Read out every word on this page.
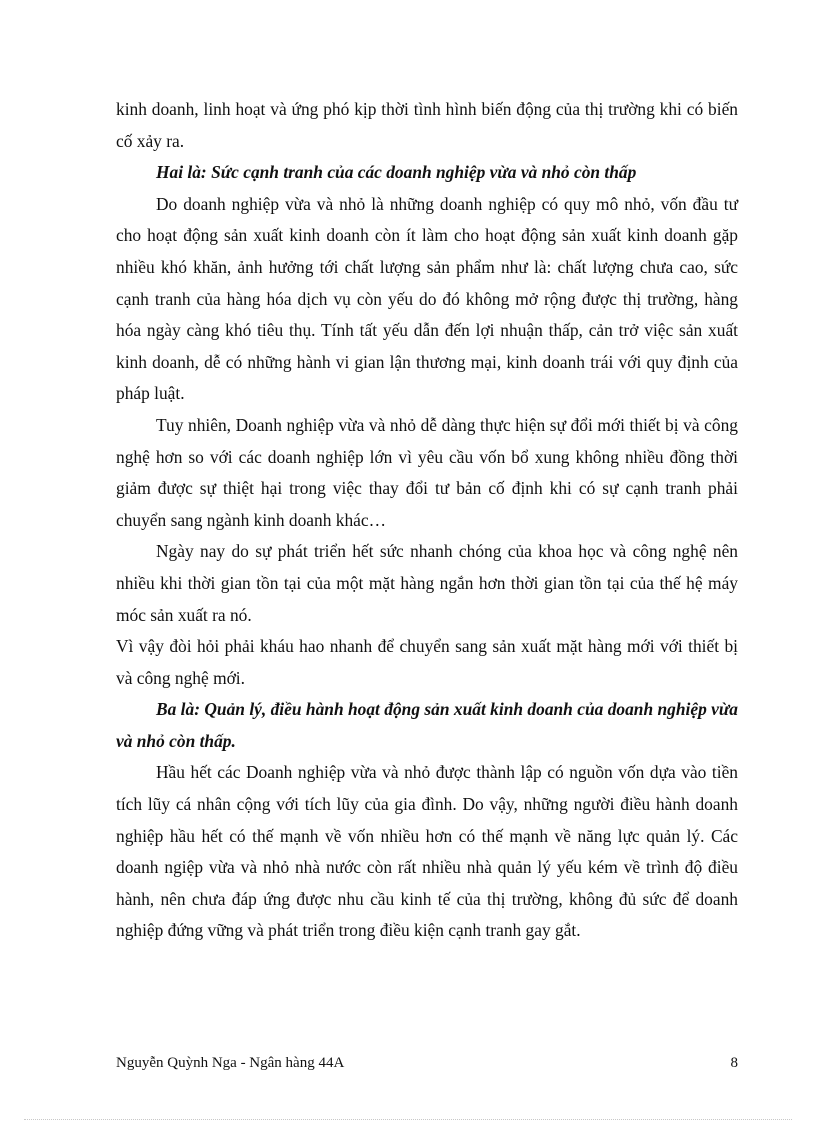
kinh doanh, linh hoạt và ứng phó kịp thời tình hình biến động của thị trường khi có biến cố xảy ra.

Hai là: Sức cạnh tranh của các doanh nghiệp vừa và nhỏ còn thấp

Do doanh nghiệp vừa và nhỏ là những doanh nghiệp có quy mô nhỏ, vốn đầu tư cho hoạt động sản xuất kinh doanh còn ít làm cho hoạt động sản xuất kinh doanh gặp nhiều khó khăn, ảnh hưởng tới chất lượng sản phẩm như là: chất lượng chưa cao, sức cạnh tranh của hàng hóa dịch vụ còn yếu do đó không mở rộng được thị trường, hàng hóa ngày càng khó tiêu thụ. Tính tất yếu dẫn đến lợi nhuận thấp, cản trở việc sản xuất kinh doanh, dễ có những hành vi gian lận thương mại, kinh doanh trái với quy định của pháp luật.

Tuy nhiên, Doanh nghiệp vừa và nhỏ dễ dàng thực hiện sự đổi mới thiết bị và công nghệ hơn so với các doanh nghiệp lớn vì yêu cầu vốn bổ xung không nhiều đồng thời giảm được sự thiệt hại trong việc thay đổi tư bản cố định khi có sự cạnh tranh phải chuyển sang ngành kinh doanh khác…

Ngày nay do sự phát triển hết sức nhanh chóng của khoa học và công nghệ nên nhiều khi thời gian tồn tại của một mặt hàng ngắn hơn thời gian tồn tại của thế hệ máy móc sản xuất ra nó.

Vì vậy đòi hỏi phải kháu hao nhanh để chuyển sang sản xuất mặt hàng mới với thiết bị và công nghệ mới.

Ba là: Quản lý, điều hành hoạt động sản xuất kinh doanh của doanh nghiệp vừa và nhỏ còn thấp.

Hầu hết các Doanh nghiệp vừa và nhỏ được thành lập có nguồn vốn dựa vào tiền tích lũy cá nhân cộng với tích lũy của gia đình. Do vậy, những người điều hành doanh nghiệp hầu hết có thế mạnh về vốn nhiều hơn có thế mạnh về năng lực quản lý. Các doanh ngiệp vừa và nhỏ nhà nước còn rất nhiều nhà quản lý yếu kém về trình độ điều hành, nên chưa đáp ứng được nhu cầu kinh tế của thị trường, không đủ sức để doanh nghiệp đứng vững và phát triển trong điều kiện cạnh tranh gay gắt.

Nguyễn Quỳnh Nga - Ngân hàng 44A	8
